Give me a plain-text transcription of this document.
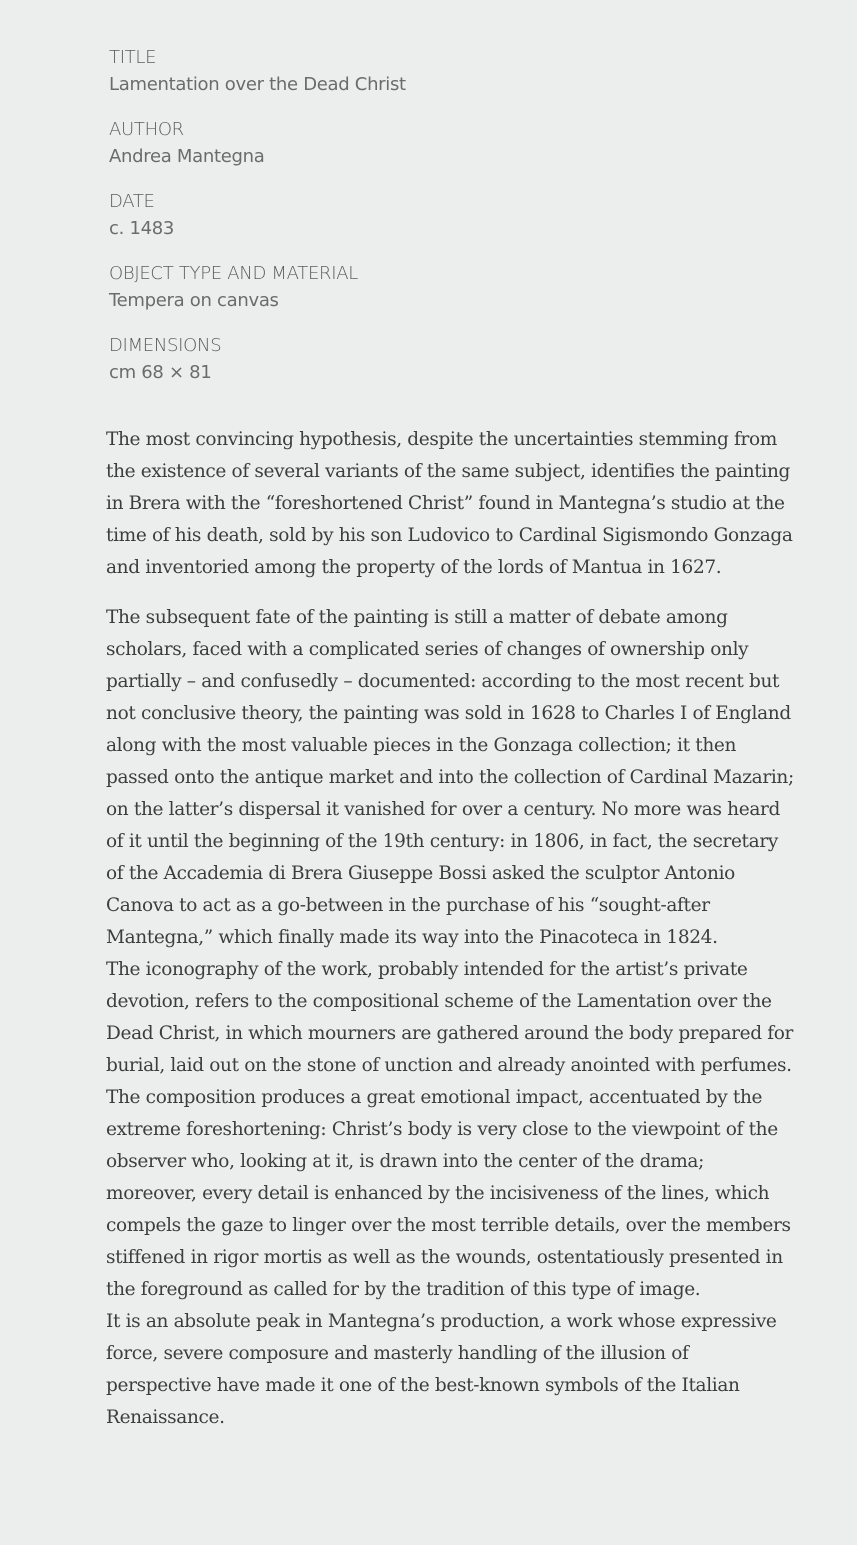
TITLE
Lamentation over the Dead Christ
AUTHOR
Andrea Mantegna
DATE
c. 1483
OBJECT TYPE AND MATERIAL
Tempera on canvas
DIMENSIONS
cm 68 × 81

The most convincing hypothesis, despite the uncertainties stemming from the existence of several variants of the same subject, identifies the painting in Brera with the “foreshortened Christ” found in Mantegna’s studio at the time of his death, sold by his son Ludovico to Cardinal Sigismondo Gonzaga and inventoried among the property of the lords of Mantua in 1627.

The subsequent fate of the painting is still a matter of debate among scholars, faced with a complicated series of changes of ownership only partially – and confusedly – documented: according to the most recent but not conclusive theory, the painting was sold in 1628 to Charles I of England along with the most valuable pieces in the Gonzaga collection; it then passed onto the antique market and into the collection of Cardinal Mazarin; on the latter’s dispersal it vanished for over a century. No more was heard of it until the beginning of the 19th century: in 1806, in fact, the secretary of the Accademia di Brera Giuseppe Bossi asked the sculptor Antonio Canova to act as a go-between in the purchase of his “sought-after Mantegna,” which finally made its way into the Pinacoteca in 1824.
The iconography of the work, probably intended for the artist’s private devotion, refers to the compositional scheme of the Lamentation over the Dead Christ, in which mourners are gathered around the body prepared for burial, laid out on the stone of unction and already anointed with perfumes.
The composition produces a great emotional impact, accentuated by the extreme foreshortening: Christ’s body is very close to the viewpoint of the observer who, looking at it, is drawn into the center of the drama; moreover, every detail is enhanced by the incisiveness of the lines, which compels the gaze to linger over the most terrible details, over the members stiffened in rigor mortis as well as the wounds, ostentatiously presented in the foreground as called for by the tradition of this type of image.
It is an absolute peak in Mantegna’s production, a work whose expressive force, severe composure and masterly handling of the illusion of perspective have made it one of the best-known symbols of the Italian Renaissance.
